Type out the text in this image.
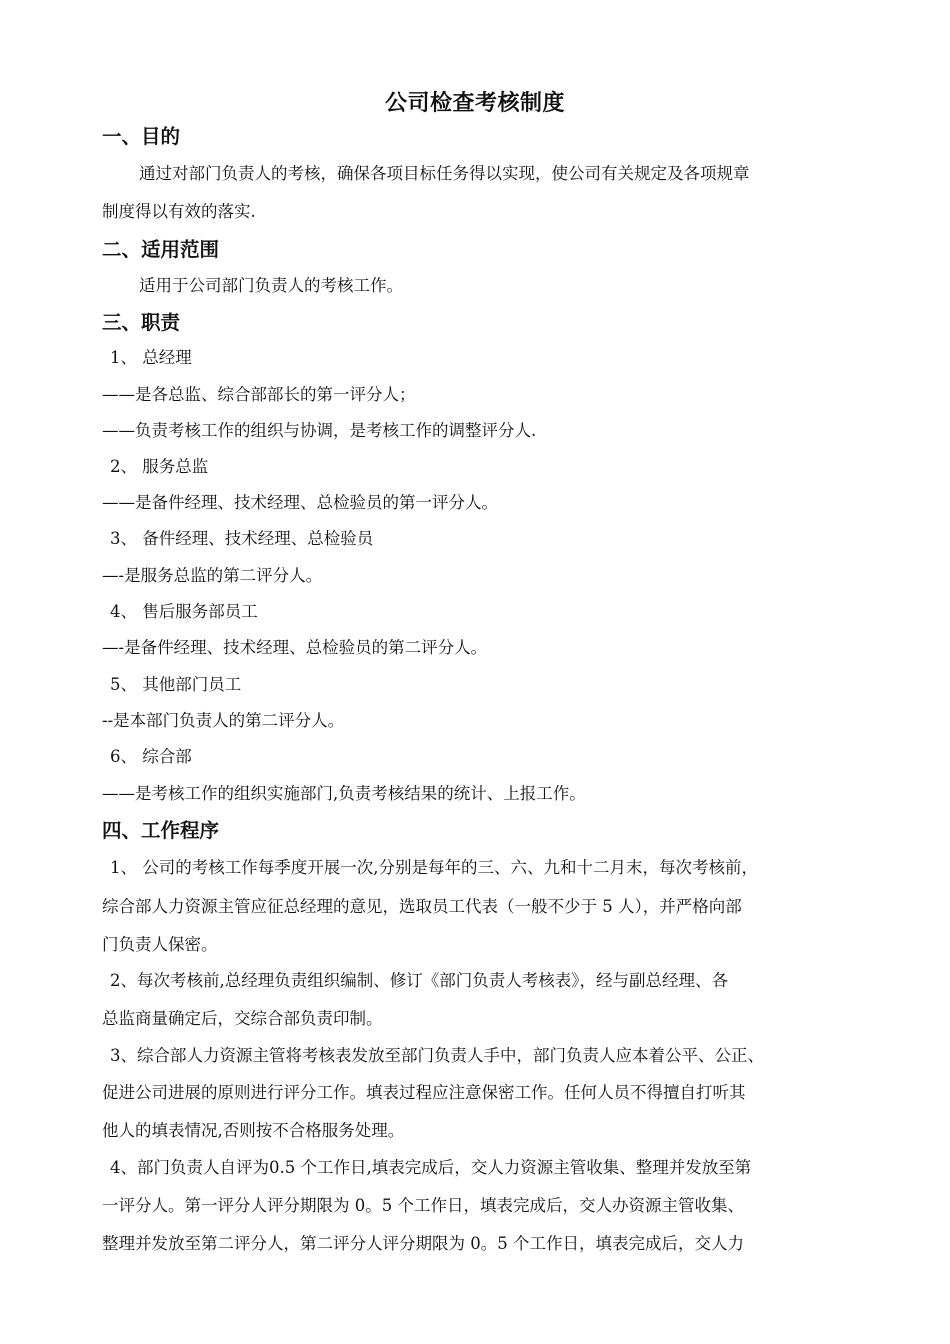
公司检查考核制度
一、目的
通过对部门负责人的考核，确保各项目标任务得以实现，使公司有关规定及各项规章
制度得以有效的落实.
二、适用范围
适用于公司部门负责人的考核工作。
三、职责
1、 总经理
——是各总监、综合部部长的第一评分人；
——负责考核工作的组织与协调，是考核工作的调整评分人.
2、 服务总监
——是备件经理、技术经理、总检验员的第一评分人。
3、 备件经理、技术经理、总检验员
—-是服务总监的第二评分人。
4、 售后服务部员工
—-是备件经理、技术经理、总检验员的第二评分人。
5、 其他部门员工
--是本部门负责人的第二评分人。
6、 综合部
——是考核工作的组织实施部门,负责考核结果的统计、上报工作。
四、工作程序
1、 公司的考核工作每季度开展一次,分别是每年的三、六、九和十二月末，每次考核前，
综合部人力资源主管应征总经理的意见，选取员工代表（一般不少于 5 人），并严格向部
门负责人保密。
2、每次考核前,总经理负责组织编制、修订《部门负责人考核表》，经与副总经理、各
总监商量确定后，交综合部负责印制。
3、综合部人力资源主管将考核表发放至部门负责人手中，部门负责人应本着公平、公正、
促进公司进展的原则进行评分工作。填表过程应注意保密工作。任何人员不得擅自打听其
他人的填表情况,否则按不合格服务处理。
4、部门负责人自评为0.5 个工作日,填表完成后，交人力资源主管收集、整理并发放至第
一评分人。第一评分人评分期限为 0。5 个工作日，填表完成后，交人办资源主管收集、
整理并发放至第二评分人，第二评分人评分期限为 0。5 个工作日，填表完成后，交人力
